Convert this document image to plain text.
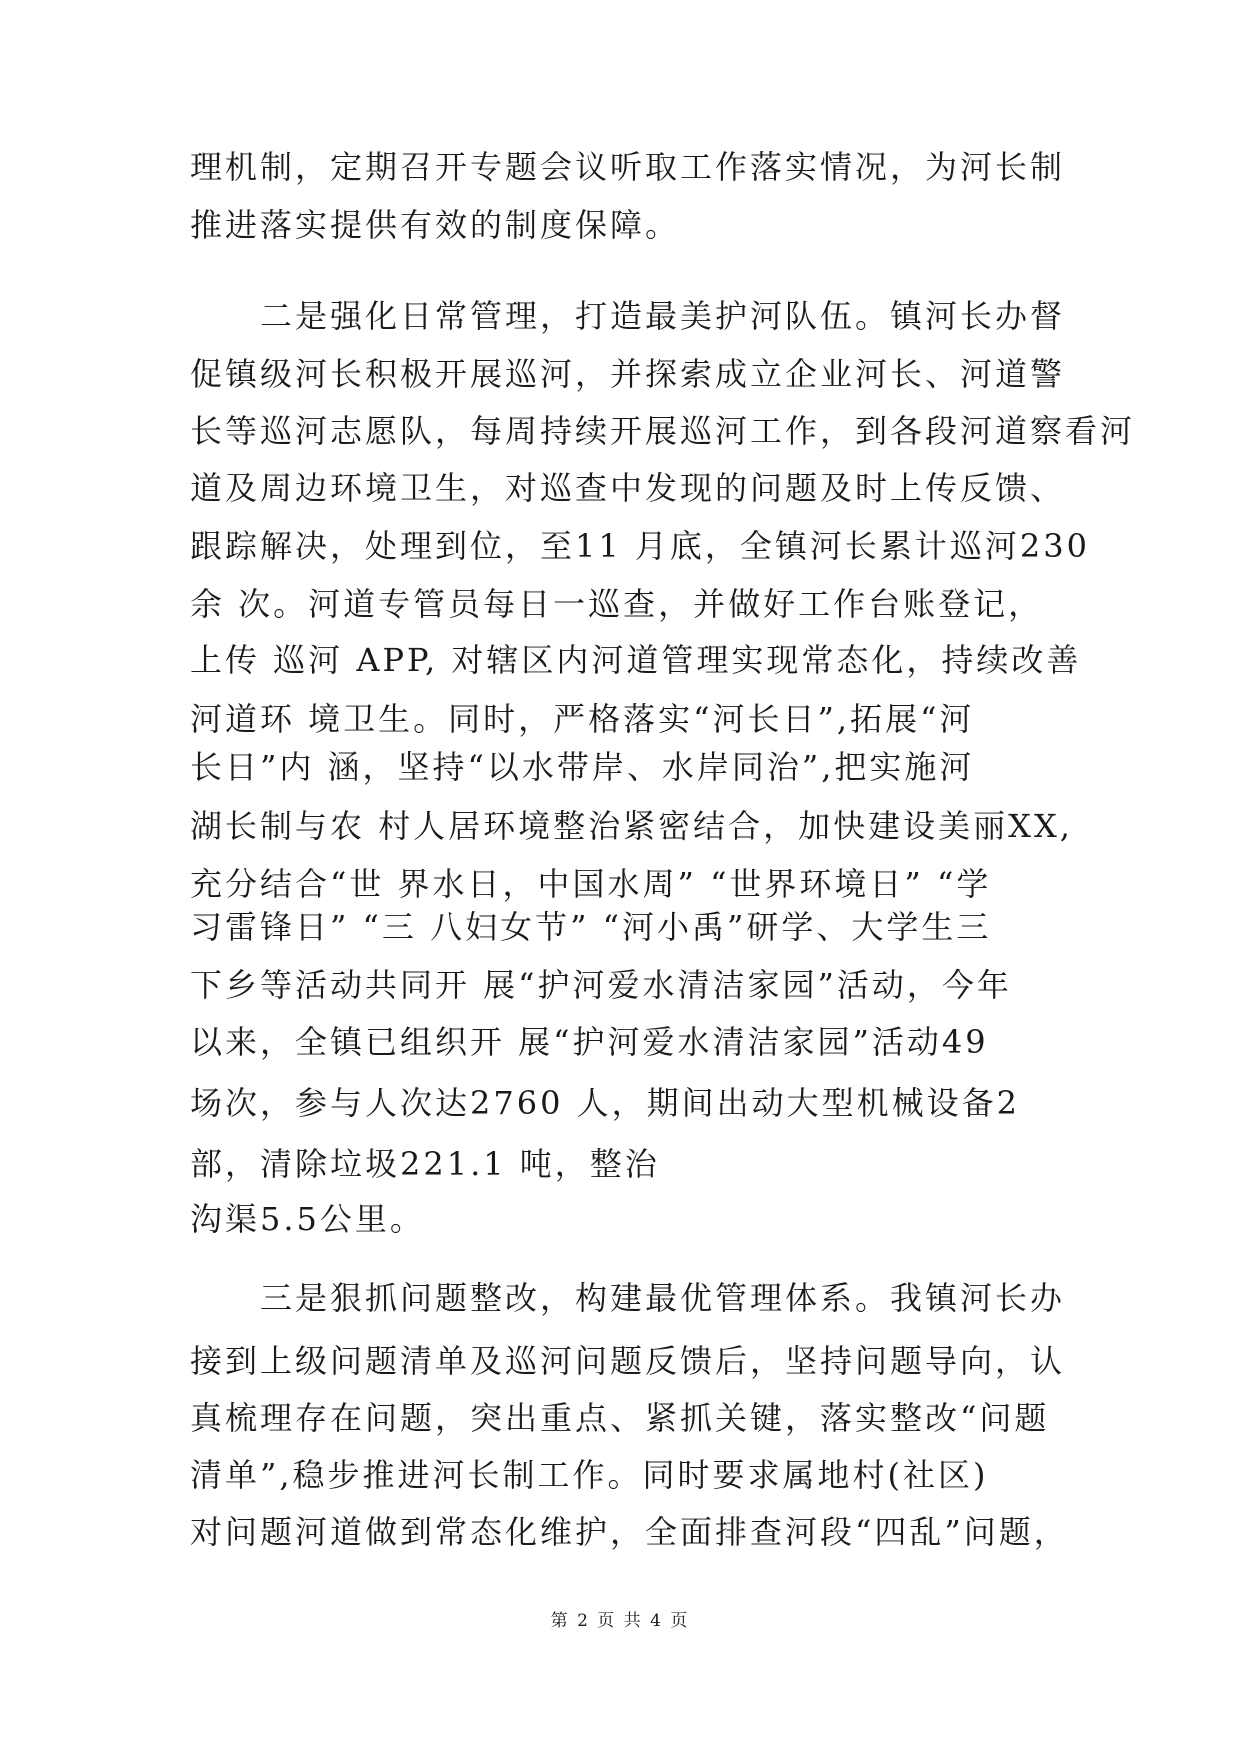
理机制，定期召开专题会议听取工作落实情况，为河长制
推进落实提供有效的制度保障。
　　二是强化日常管理，打造最美护河队伍。镇河长办督
促镇级河长积极开展巡河，并探索成立企业河长、河道警
长等巡河志愿队，每周持续开展巡河工作，到各段河道察看河
道及周边环境卫生，对巡查中发现的问题及时上传反馈、
跟踪解决，处理到位，至11 月底，全镇河长累计巡河230
余 次。河道专管员每日一巡查，并做好工作台账登记，
上传 巡河 APP, 对辖区内河道管理实现常态化，持续改善
河道环 境卫生。同时，严格落实“河长日”,拓展“河
长日”内 涵，坚持“以水带岸、水岸同治”,把实施河
湖长制与农 村人居环境整治紧密结合，加快建设美丽XX,
充分结合“世 界水日，中国水周” “世界环境日” “学
习雷锋日” “三 八妇女节” “河小禹”研学、大学生三
下乡等活动共同开 展“护河爱水清洁家园”活动，今年
以来，全镇已组织开 展“护河爱水清洁家园”活动49
场次，参与人次达2760 人，期间出动大型机械设备2
部，清除垃圾221.1 吨，整治
沟渠5.5公里。
　　三是狠抓问题整改，构建最优管理体系。我镇河长办
接到上级问题清单及巡河问题反馈后，坚持问题导向，认
真梳理存在问题，突出重点、紧抓关键，落实整改“问题
清单”,稳步推进河长制工作。同时要求属地村(社区)
对问题河道做到常态化维护，全面排查河段“四乱”问题，
第 2 页 共 4 页
